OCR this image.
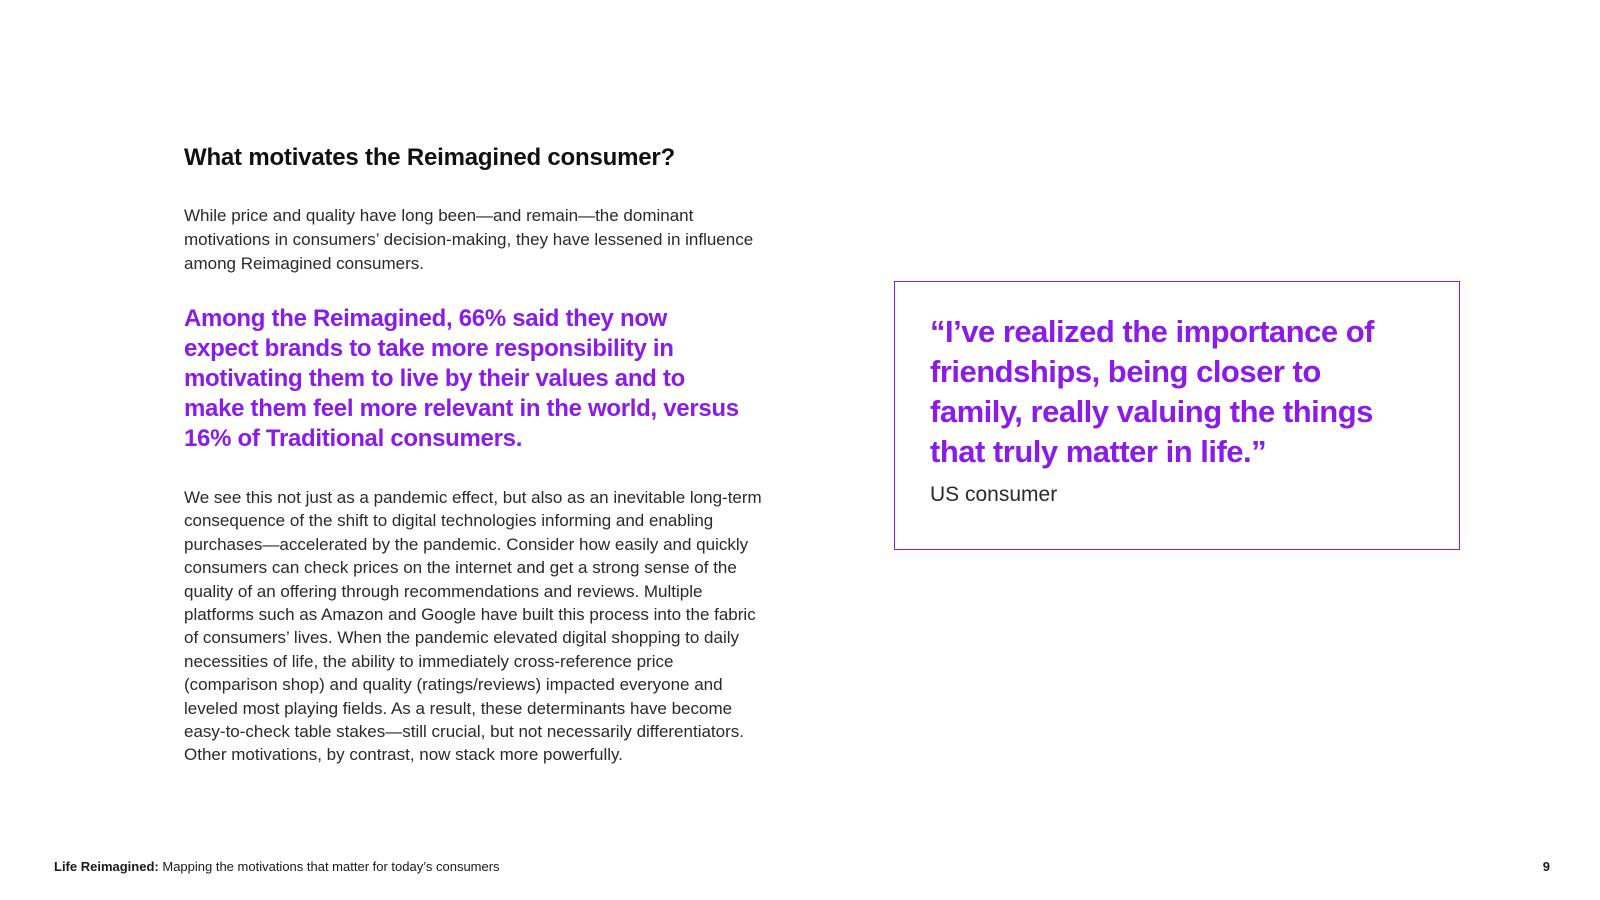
What motivates the Reimagined consumer?

While price and quality have long been—and remain—the dominant motivations in consumers’ decision-making, they have lessened in influence among Reimagined consumers.

Among the Reimagined, 66% said they now expect brands to take more responsibility in motivating them to live by their values and to make them feel more relevant in the world, versus 16% of Traditional consumers.

We see this not just as a pandemic effect, but also as an inevitable long-term consequence of the shift to digital technologies informing and enabling purchases—accelerated by the pandemic. Consider how easily and quickly consumers can check prices on the internet and get a strong sense of the quality of an offering through recommendations and reviews. Multiple platforms such as Amazon and Google have built this process into the fabric of consumers’ lives. When the pandemic elevated digital shopping to daily necessities of life, the ability to immediately cross-reference price (comparison shop) and quality (ratings/reviews) impacted everyone and leveled most playing fields. As a result, these determinants have become easy-to-check table stakes—still crucial, but not necessarily differentiators. Other motivations, by contrast, now stack more powerfully.

“I’ve realized the importance of friendships, being closer to family, really valuing the things that truly matter in life.”

US consumer

Life Reimagined: Mapping the motivations that matter for today’s consumers	9
